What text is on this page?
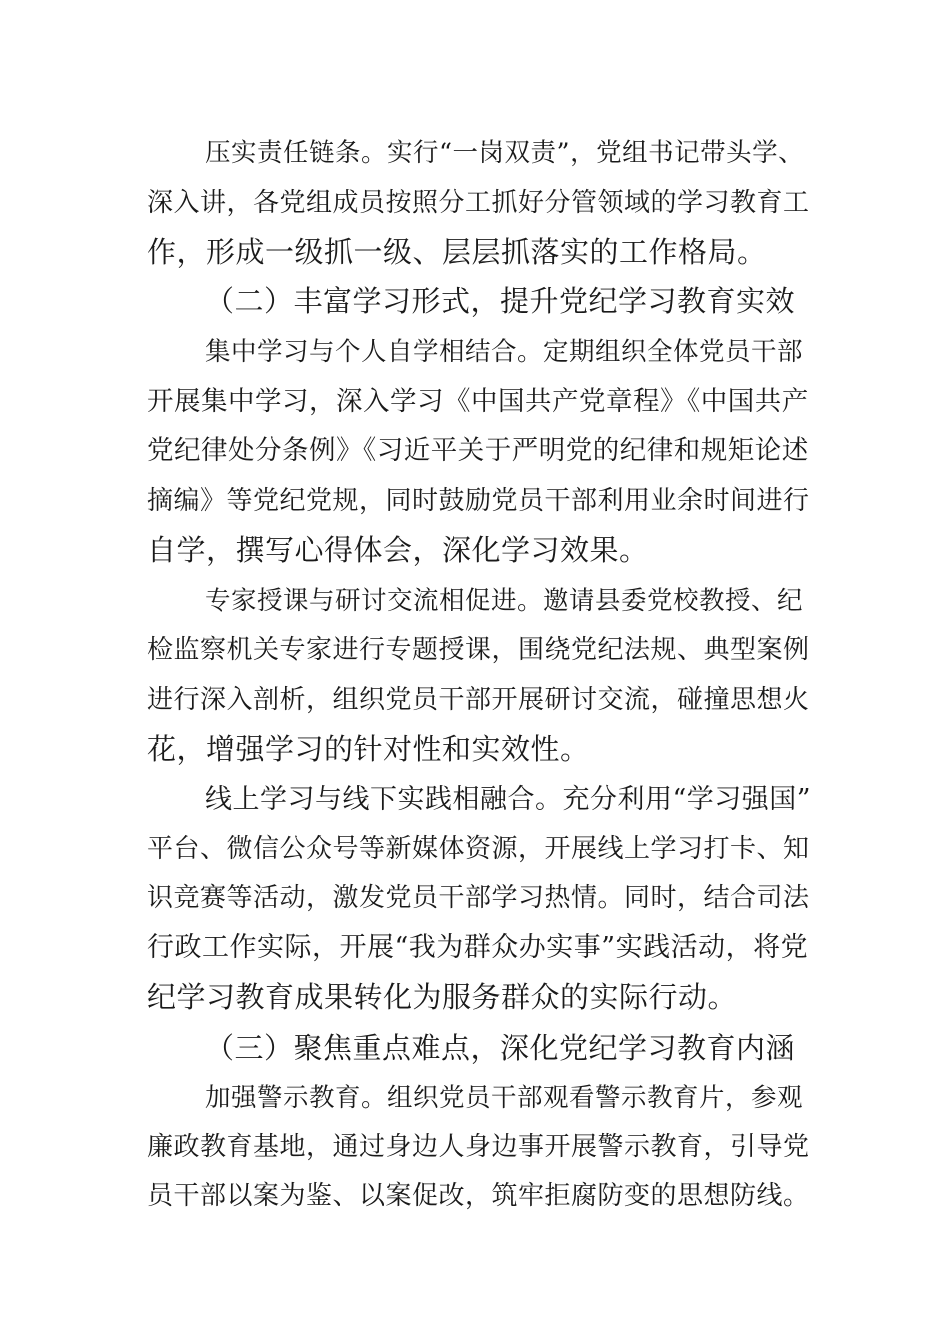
压实责任链条。实行“一岗双责”，党组书记带头学、

深入讲，各党组成员按照分工抓好分管领域的学习教育工

作，形成一级抓一级、层层抓落实的工作格局。

（二）丰富学习形式，提升党纪学习教育实效

集中学习与个人自学相结合。定期组织全体党员干部

开展集中学习，深入学习《中国共产党章程》《中国共产

党纪律处分条例》《习近平关于严明党的纪律和规矩论述

摘编》等党纪党规，同时鼓励党员干部利用业余时间进行

自学，撰写心得体会，深化学习效果。

专家授课与研讨交流相促进。邀请县委党校教授、纪

检监察机关专家进行专题授课，围绕党纪法规、典型案例

进行深入剖析，组织党员干部开展研讨交流，碰撞思想火

花，增强学习的针对性和实效性。

线上学习与线下实践相融合。充分利用“学习强国”

平台、微信公众号等新媒体资源，开展线上学习打卡、知

识竞赛等活动，激发党员干部学习热情。同时，结合司法

行政工作实际，开展“我为群众办实事”实践活动，将党

纪学习教育成果转化为服务群众的实际行动。

（三）聚焦重点难点，深化党纪学习教育内涵

加强警示教育。组织党员干部观看警示教育片，参观

廉政教育基地，通过身边人身边事开展警示教育，引导党

员干部以案为鉴、以案促改，筑牢拒腐防变的思想防线。
